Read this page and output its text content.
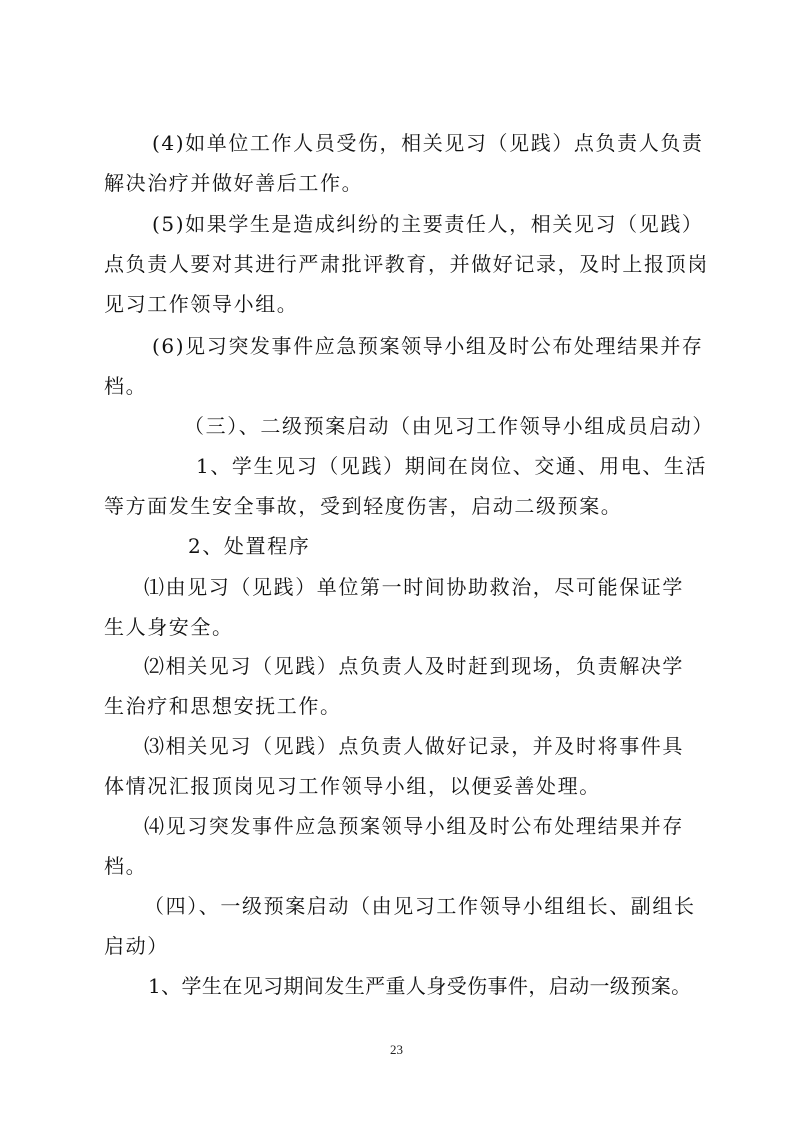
(4)如单位工作人员受伤，相关见习（见践）点负责人负责
解决治疗并做好善后工作。

(5)如果学生是造成纠纷的主要责任人，相关见习（见践）
点负责人要对其进行严肃批评教育，并做好记录，及时上报顶岗
见习工作领导小组。

(6)见习突发事件应急预案领导小组及时公布处理结果并存
档。

（三）、二级预案启动（由见习工作领导小组成员启动）

1、学生见习（见践）期间在岗位、交通、用电、生活
等方面发生安全事故，受到轻度伤害，启动二级预案。

2、处置程序

⑴由见习（见践）单位第一时间协助救治，尽可能保证学
生人身安全。

⑵相关见习（见践）点负责人及时赶到现场，负责解决学
生治疗和思想安抚工作。

⑶相关见习（见践）点负责人做好记录，并及时将事件具
体情况汇报顶岗见习工作领导小组，以便妥善处理。

⑷见习突发事件应急预案领导小组及时公布处理结果并存
档。

（四）、一级预案启动（由见习工作领导小组组长、副组长
启动）

1、学生在见习期间发生严重人身受伤事件，启动一级预案。

23
